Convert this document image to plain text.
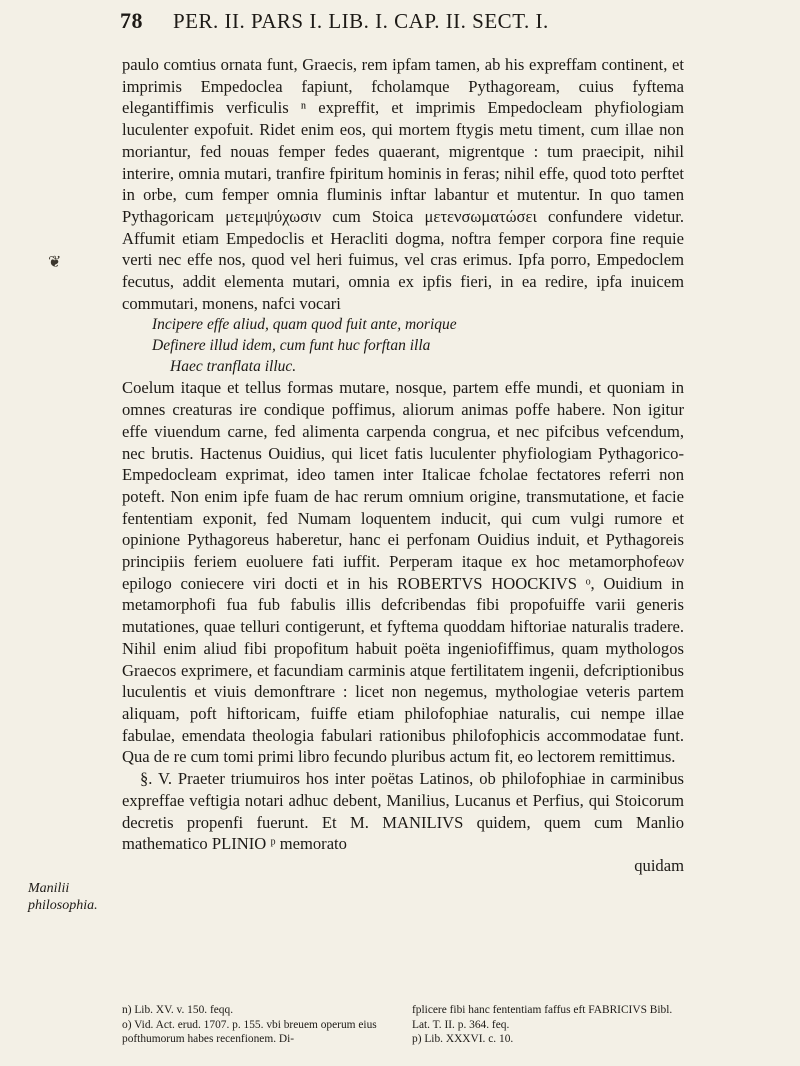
78 PER. II. PARS I. LIB. I. CAP. II. SECT. I.
❦
Manilii philosophia.

paulo comtius ornata funt, Graecis, rem ipfam tamen, ab his expreffam continent, et imprimis Empedoclea fapiunt, fcholamque Pythagoream, cuius fyftema elegantiffimis verficulis ⁿ expreffit, et imprimis Empedocleam phyfiologiam luculenter expofuit. Ridet enim eos, qui mortem ftygis metu timent, cum illae non moriantur, fed nouas femper fedes quaerant, migrentque : tum praecipit, nihil interire, omnia mutari, tranfire fpiritum hominis in feras; nihil effe, quod toto perftet in orbe, cum femper omnia fluminis inftar labantur et mutentur. In quo tamen Pythagoricam μετεμψύχωσιν cum Stoica μετενσωματώσει confundere videtur. Affumit etiam Empedoclis et Heracliti dogma, noftra femper corpora fine requie verti nec effe nos, quod vel heri fuimus, vel cras erimus. Ipfa porro, Empedoclem fecutus, addit elementa mutari, omnia ex ipfis fieri, in ea redire, ipfa inuicem commutari, monens, nafci vocari

Incipere effe aliud, quam quod fuit ante, morique
Definere illud idem, cum funt huc forftan illa
Haec tranflata illuc.

Coelum itaque et tellus formas mutare, nosque, partem effe mundi, et quoniam in omnes creaturas ire condique poffimus, aliorum animas poffe habere. Non igitur effe viuendum carne, fed alimenta carpenda congrua, et nec pifcibus vefcendum, nec brutis. Hactenus Ouidius, qui licet fatis luculenter phyfiologiam Pythagorico-Empedocleam exprimat, ideo tamen inter Italicae fcholae fectatores referri non poteft. Non enim ipfe fuam de hac rerum omnium origine, transmutatione, et facie fententiam exponit, fed Numam loquentem inducit, qui cum vulgi rumore et opinione Pythagoreus haberetur, hanc ei perfonam Ouidius induit, et Pythagoreis principiis feriem euoluere fati iuffit. Perperam itaque ex hoc metamorphofeων epilogo coniecere viri docti et in his ROBERTVS HOOCKIVS ᵒ, Ouidium in metamorphofi fua fub fabulis illis defcribendas fibi propofuiffe varii generis mutationes, quae telluri contigerunt, et fyftema quoddam hiftoriae naturalis tradere. Nihil enim aliud fibi propofitum habuit poëta ingeniofiffimus, quam mythologos Graecos exprimere, et facundiam carminis atque fertilitatem ingenii, defcriptionibus luculentis et viuis demonftrare : licet non negemus, mythologiae veteris partem aliquam, poft hiftoricam, fuiffe etiam philofophiae naturalis, cui nempe illae fabulae, emendata theologia fabulari rationibus philofophicis accommodatae funt. Qua de re cum tomi primi libro fecundo pluribus actum fit, eo lectorem remittimus.

§. V. Praeter triumuiros hos inter poëtas Latinos, ob philofophiae in carminibus expreffae veftigia notari adhuc debent, Manilius, Lucanus et Perfius, qui Stoicorum decretis propenfi fuerunt. Et M. MANILIVS quidem, quem cum Manlio mathematico PLINIO ᵖ memorato

quidam

n) Lib. XV. v. 150. feqq.

o) Vid. Act. erud. 1707. p. 155. vbi breuem operum eius pofthumorum habes recenfionem. Di-

fplicere fibi hanc fententiam faffus eft FABRICIVS Bibl. Lat. T. II. p. 364. feq.

p) Lib. XXXVI. c. 10.
